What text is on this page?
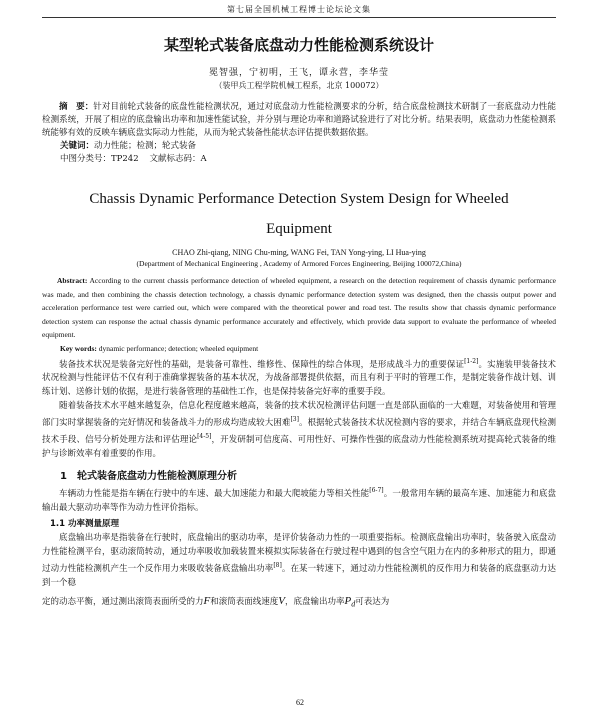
第七届全国机械工程博士论坛论文集
某型轮式装备底盘动力性能检测系统设计
冕智强，宁初明，王飞，谭永营，李华莹
（装甲兵工程学院机械工程系，北京 100072）

摘　要：针对目前轮式装备的底盘性能检测状况，通过对底盘动力性能检测要求的分析，结合底盘检测技术研制了一套底盘动力性能检测系统，开展了相应的底盘输出功率和加速性能试验，并分别与理论功率和道路试验进行了对比分析。结果表明，底盘动力性能检测系统能够有效的反映车辆底盘实际动力性能，从而为轮式装备性能状态评估提供数据依据。

关键词：动力性能；检测；轮式装备

中图分类号：TP242 文献标志码：A

Chassis Dynamic Performance Detection System Design for Wheeled Equipment
CHAO Zhi-qiang, NING Chu-ming, WANG Fei, TAN Yong-ying, LI Hua-ying
(Department of Mechanical Engineering , Academy of Armored Forces Engineering, Beijing 100072,China)

Abstract: According to the current chassis performance detection of wheeled equipment, a research on the detection requirement of chassis dynamic performance was made, and then combining the chassis detection technology, a chassis dynamic performance detection system was designed, then the chassis output power and acceleration performance test were carried out, which were compared with the theoretical power and road test. The results show that chassis dynamic performance detection system can response the actual chassis dynamic performance accurately and effectively, which provide data support to evaluate the performance of wheeled equipment.

Key words: dynamic performance; detection; wheeled equipment

装备技术状况是装备完好性的基础，是装备可靠性、维修性、保障性的综合体现，是形成战斗力的重要保证[1-2]。实施装甲装备技术状况检测与性能评估不仅有利于准确掌握装备的基本状况，为战备部署提供依据，而且有利于平时的管理工作，是制定装备作战计划、训练计划、送修计划的依据，是进行装备管理的基础性工作，也是保持装备完好率的重要手段。

随着装备技术水平越来越复杂，信息化程度越来越高，装备的技术状况检测评估问题一直是部队面临的一大难题，对装备使用和管理部门实时掌握装备的完好情况和装备战斗力的形成均造成较大困难[3]。根据轮式装备技术状况检测内容的要求，并结合车辆底盘现代检测技术手段、信号分析处理方法和评估理论[4-5]，开发研制可信度高、可用性好、可操作性强的底盘动力性能检测系统对提高轮式装备的维护与诊断效率有着重要的作用。

1　轮式装备底盘动力性能检测原理分析

车辆动力性能是指车辆在行驶中的车速、最大加速能力和最大爬坡能力等相关性能[6-7]。一般常用车辆的最高车速、加速能力和底盘输出最大驱动功率等作为动力性评价指标。

1.1 功率测量原理

底盘输出功率是指装备在行驶时，底盘输出的驱动功率，是评价装备动力性的一项重要指标。检测底盘输出功率时，装备驶入底盘动力性能检测平台，驱动滚筒转动，通过功率吸收加载装置来模拟实际装备在行驶过程中遇到的包含空气阻力在内的多种形式的阻力，即通过动力性能检测机产生一个反作用力来吸收装备底盘输出功率[8]。在某一转速下，通过动力性能检测机的反作用力和装备的底盘驱动力达到一个稳

定的动态平衡，通过测出滚筒表面所受的力F和滚筒表面线速度V，底盘输出功率$P_d$可表达为

62
